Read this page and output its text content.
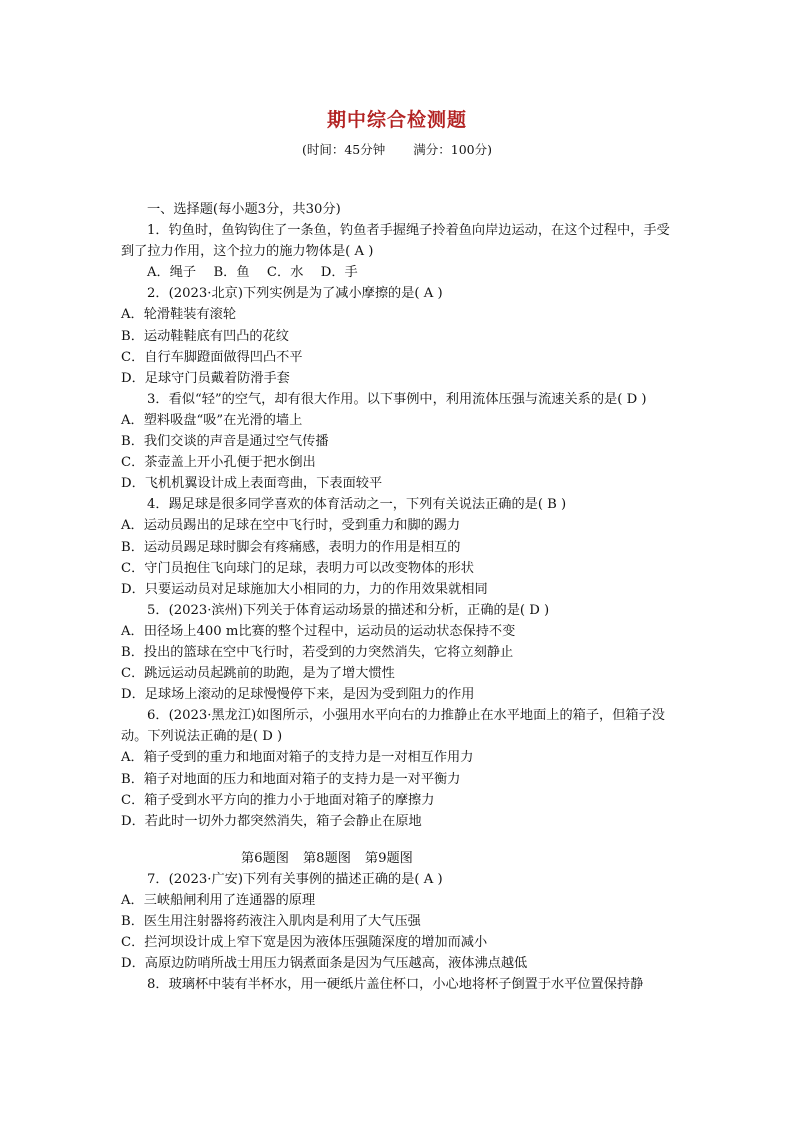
期中综合检测题
(时间：45分钟 满分：100分)
一、选择题(每小题3分，共30分)
1．钓鱼时，鱼钩钩住了一条鱼，钓鱼者手握绳子拎着鱼向岸边运动，在这个过程中，手受到了拉力作用，这个拉力的施力物体是( A )
A．绳子　 B．鱼　 C．水　 D．手
2．(2023·北京)下列实例是为了减小摩擦的是( A )
A．轮滑鞋装有滚轮
B．运动鞋鞋底有凹凸的花纹
C．自行车脚蹬面做得凹凸不平
D．足球守门员戴着防滑手套
3．看似“轻”的空气，却有很大作用。以下事例中，利用流体压强与流速关系的是( D )
A．塑料吸盘“吸”在光滑的墙上
B．我们交谈的声音是通过空气传播
C．茶壶盖上开小孔便于把水倒出
D．飞机机翼设计成上表面弯曲，下表面较平
4．踢足球是很多同学喜欢的体育活动之一，下列有关说法正确的是( B )
A．运动员踢出的足球在空中飞行时，受到重力和脚的踢力
B．运动员踢足球时脚会有疼痛感，表明力的作用是相互的
C．守门员抱住飞向球门的足球，表明力可以改变物体的形状
D．只要运动员对足球施加大小相同的力，力的作用效果就相同
5．(2023·滨州)下列关于体育运动场景的描述和分析，正确的是( D )
A．田径场上400 m比赛的整个过程中，运动员的运动状态保持不变
B．投出的篮球在空中飞行时，若受到的力突然消失，它将立刻静止
C．跳远运动员起跳前的助跑，是为了增大惯性
D．足球场上滚动的足球慢慢停下来，是因为受到阻力的作用
6．(2023·黑龙江)如图所示，小强用水平向右的力推静止在水平地面上的箱子，但箱子没动。下列说法正确的是( D )
A．箱子受到的重力和地面对箱子的支持力是一对相互作用力
B．箱子对地面的压力和地面对箱子的支持力是一对平衡力
C．箱子受到水平方向的推力小于地面对箱子的摩擦力
D．若此时一切外力都突然消失，箱子会静止在原地
第6题图 第8题图 第9题图
7．(2023·广安)下列有关事例的描述正确的是( A )
A．三峡船闸利用了连通器的原理
B．医生用注射器将药液注入肌肉是利用了大气压强
C．拦河坝设计成上窄下宽是因为液体压强随深度的增加而减小
D．高原边防哨所战士用压力锅煮面条是因为气压越高，液体沸点越低
8．玻璃杯中装有半杯水，用一硬纸片盖住杯口，小心地将杯子倒置于水平位置保持静
